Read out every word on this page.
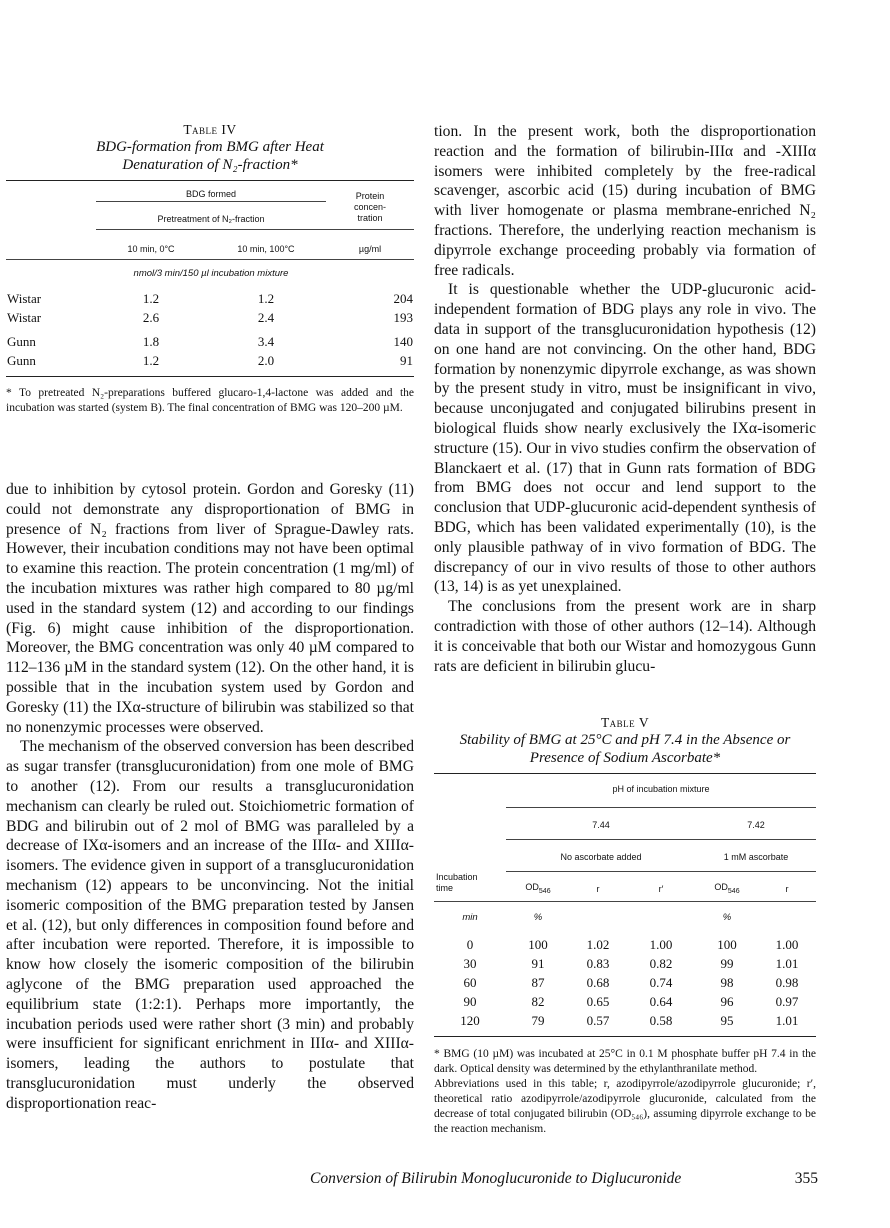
Table IV
BDG-formation from BMG after Heat
Denaturation of N₂-fraction*
	BDG formed		Protein
concen-
tration

	Pretreatment of N₂-fraction		
	10 min, 0°C	10 min, 100°C	µg/ml

	nmol/3 min/150 µl incubation mixture		
Wistar	1.2	1.2	204
Wistar	2.6	2.4	193
Gunn	1.8	3.4	140
Gunn	1.2	2.0	91
* To pretreated N₂-preparations buffered glucaro-1,4-lactone was added and the incubation was started (system B). The final concentration of BMG was 120–200 µM.

due to inhibition by cytosol protein. Gordon and Goresky (11) could not demonstrate any disproportionation of BMG in presence of N₂ fractions from liver of Sprague-Dawley rats. However, their incubation conditions may not have been optimal to examine this reaction. The protein concentration (1 mg/ml) of the incubation mixtures was rather high compared to 80 µg/ml used in the standard system (12) and according to our findings (Fig. 6) might cause inhibition of the disproportionation. Moreover, the BMG concentration was only 40 µM compared to 112–136 µM in the standard system (12). On the other hand, it is possible that in the incubation system used by Gordon and Goresky (11) the IXα-structure of bilirubin was stabilized so that no nonenzymic processes were observed.

The mechanism of the observed conversion has been described as sugar transfer (transglucuronidation) from one mole of BMG to another (12). From our results a transglucuronidation mechanism can clearly be ruled out. Stoichiometric formation of BDG and bilirubin out of 2 mol of BMG was paralleled by a decrease of IXα-isomers and an increase of the IIIα- and XIIIα-isomers. The evidence given in support of a transglucuronidation mechanism (12) appears to be unconvincing. Not the initial isomeric composition of the BMG preparation tested by Jansen et al. (12), but only differences in composition found before and after incubation were reported. Therefore, it is impossible to know how closely the isomeric composition of the bilirubin aglycone of the BMG preparation used approached the equilibrium state (1:2:1). Perhaps more importantly, the incubation periods used were rather short (3 min) and probably were insufficient for significant enrichment in IIIα- and XIIIα-isomers, leading the authors to postulate that transglucuronidation must underly the observed disproportionation reac-

tion. In the present work, both the disproportionation reaction and the formation of bilirubin-IIIα and -XIIIα isomers were inhibited completely by the free-radical scavenger, ascorbic acid (15) during incubation of BMG with liver homogenate or plasma membrane-enriched N₂ fractions. Therefore, the underlying reaction mechanism is dipyrrole exchange proceeding probably via formation of free radicals.

It is questionable whether the UDP-glucuronic acid-independent formation of BDG plays any role in vivo. The data in support of the transglucuronidation hypothesis (12) on one hand are not convincing. On the other hand, BDG formation by nonenzymic dipyrrole exchange, as was shown by the present study in vitro, must be insignificant in vivo, because unconjugated and conjugated bilirubins present in biological fluids show nearly exclusively the IXα-isomeric structure (15). Our in vivo studies confirm the observation of Blanckaert et al. (17) that in Gunn rats formation of BDG from BMG does not occur and lend support to the conclusion that UDP-glucuronic acid-dependent synthesis of BDG, which has been validated experimentally (10), is the only plausible pathway of in vivo formation of BDG. The discrepancy of our in vivo results of those to other authors (13, 14) is as yet unexplained.

The conclusions from the present work are in sharp contradiction with those of other authors (12–14). Although it is conceivable that both our Wistar and homozygous Gunn rats are deficient in bilirubin glucu-

Table V
Stability of BMG at 25°C and pH 7.4 in the Absence or
Presence of Sodium Ascorbate*
	pH of incubation mixture				
	7.44			7.42	
	No ascorbate added			1 mM ascorbate	

Incubation
time	$OD_{546}$	r	r′	$OD_{546}$	r

min	%			%	
0	100	1.02	1.00	100	1.00
30	91	0.83	0.82	99	1.01
60	87	0.68	0.74	98	0.98
90	82	0.65	0.64	96	0.97
120	79	0.57	0.58	95	1.01
* BMG (10 µM) was incubated at 25°C in 0.1 M phosphate buffer pH 7.4 in the dark. Optical density was determined by the ethylanthranilate method.
Abbreviations used in this table; r, azodipyrrole/azodipyrrole glucuronide; r′, theoretical ratio azodipyrrole/azodipyrrole glucuronide, calculated from the decrease of total conjugated bilirubin (OD₅₄₆), assuming dipyrrole exchange to be the reaction mechanism.
Conversion of Bilirubin Monoglucuronide to Diglucuronide	355
